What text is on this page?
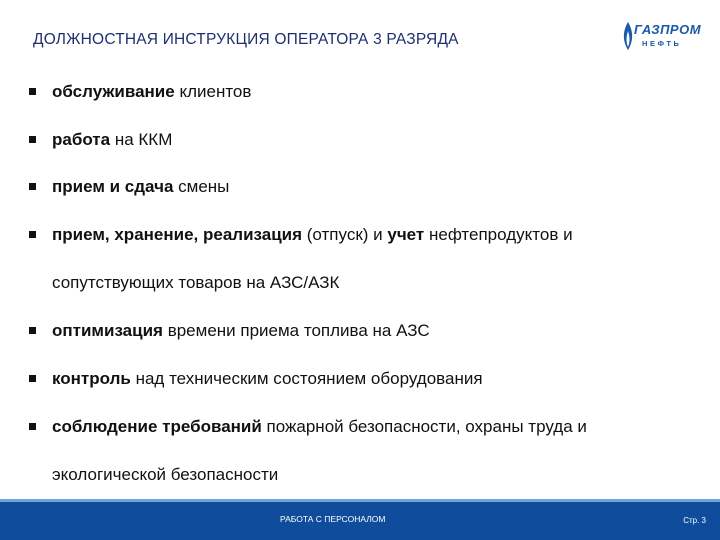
ДОЛЖНОСТНАЯ ИНСТРУКЦИЯ ОПЕРАТОРА 3 РАЗРЯДА
ГАЗПРОМ
НЕФТЬ
обслуживание клиентов
работа на ККМ
прием и сдача смены
прием, хранение, реализация (отпуск) и учет нефтепродуктов и
сопутствующих товаров на АЗС/АЗК
оптимизация времени приема топлива на АЗС
контроль над техническим состоянием оборудования
соблюдение требований пожарной безопасности, охраны труда и
экологической безопасности
РАБОТА С ПЕРСОНАЛОМ	Стр. 3
